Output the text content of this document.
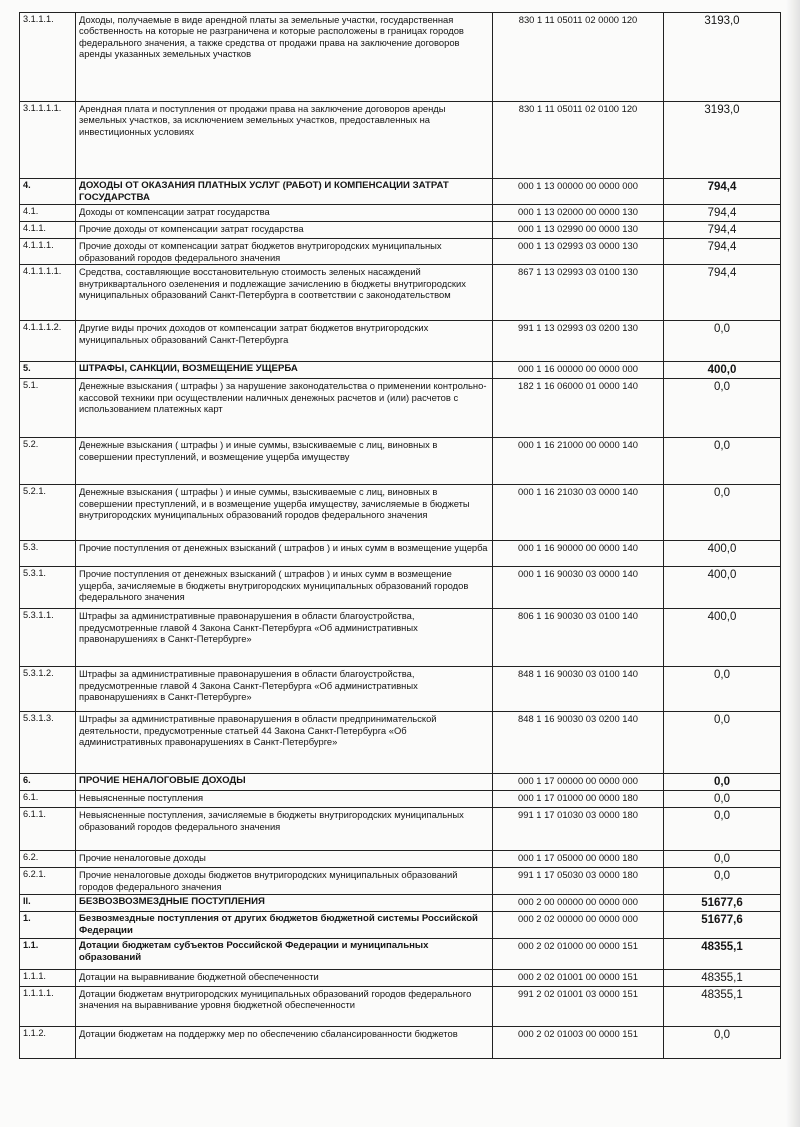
3.1.1.1.	Доходы, получаемые в виде арендной платы за земельные участки, государственная собственность на которые не разграничена и которые расположены в границах городов федерального значения, а также средства от продажи права на заключение договоров аренды указанных земельных участков	830 1 11 05011 02 0000 120	3193,0
3.1.1.1.1.	Арендная плата и поступления от продажи права на заключение договоров аренды земельных участков, за исключением земельных участков, предоставленных на инвестиционных условиях	830 1 11 05011 02 0100 120	3193,0
4.	ДОХОДЫ ОТ ОКАЗАНИЯ ПЛАТНЫХ УСЛУГ (РАБОТ) И КОМПЕНСАЦИИ ЗАТРАТ ГОСУДАРСТВА	000 1 13 00000 00 0000 000	794,4
4.1.	Доходы от компенсации затрат государства	000 1 13 02000 00 0000 130	794,4
4.1.1.	Прочие доходы от компенсации затрат государства	000 1 13 02990 00 0000 130	794,4
4.1.1.1.	Прочие доходы от компенсации затрат бюджетов внутригородских муниципальных образований городов федерального значения	000 1 13 02993 03 0000 130	794,4
4.1.1.1.1.	Средства, составляющие восстановительную стоимость зеленых насаждений внутриквартального озеленения и подлежащие зачислению в бюджеты внутригородских муниципальных образований Санкт-Петербурга в соответствии с законодательством	867 1 13 02993 03 0100 130	794,4
4.1.1.1.2.	Другие виды прочих доходов от компенсации затрат бюджетов внутригородских муниципальных образований Санкт-Петербурга	991 1 13 02993 03 0200 130	0,0
5.	ШТРАФЫ, САНКЦИИ, ВОЗМЕЩЕНИЕ УЩЕРБА	000 1 16 00000 00 0000 000	400,0
5.1.	Денежные взыскания ( штрафы ) за нарушение законодательства о применении контрольно-кассовой техники при осуществлении наличных денежных расчетов и (или) расчетов с использованием платежных карт	182 1 16 06000 01 0000 140	0,0
5.2.	Денежные взыскания ( штрафы ) и иные суммы, взыскиваемые с лиц, виновных в совершении преступлений, и возмещение ущерба имуществу	000 1 16 21000 00 0000 140	0,0
5.2.1.	Денежные взыскания ( штрафы ) и иные суммы, взыскиваемые с лиц, виновных в совершении преступлений, и в возмещение ущерба имуществу, зачисляемые в бюджеты внутригородских муниципальных образований городов федерального значения	000 1 16 21030 03 0000 140	0,0
5.3.	Прочие поступления от денежных взысканий ( штрафов ) и иных сумм в возмещение ущерба	000 1 16 90000 00 0000 140	400,0
5.3.1.	Прочие поступления от денежных взысканий ( штрафов ) и иных сумм в возмещение ущерба, зачисляемые в бюджеты внутригородских муниципальных образований городов федерального значения	000 1 16 90030 03 0000 140	400,0
5.3.1.1.	Штрафы за административные правонарушения в области благоустройства, предусмотренные главой 4 Закона Санкт-Петербурга «Об административных правонарушениях в Санкт-Петербурге»	806 1 16 90030 03 0100 140	400,0
5.3.1.2.	Штрафы за административные правонарушения в области благоустройства, предусмотренные главой 4 Закона Санкт-Петербурга «Об административных правонарушениях в Санкт-Петербурге»	848 1 16 90030 03 0100 140	0,0
5.3.1.3.	Штрафы за административные правонарушения в области предпринимательской деятельности, предусмотренные статьей 44 Закона Санкт-Петербурга «Об административных правонарушениях в Санкт-Петербурге»	848 1 16 90030 03 0200 140	0,0
6.	ПРОЧИЕ НЕНАЛОГОВЫЕ ДОХОДЫ	000 1 17 00000 00 0000 000	0,0
6.1.	Невыясненные поступления	000 1 17 01000 00 0000 180	0,0
6.1.1.	Невыясненные поступления, зачисляемые в бюджеты внутригородских муниципальных образований городов федерального значения	991 1 17 01030 03 0000 180	0,0
6.2.	Прочие неналоговые доходы	000 1 17 05000 00 0000 180	0,0
6.2.1.	Прочие неналоговые доходы бюджетов внутригородских муниципальных образований городов федерального значения	991 1 17 05030 03 0000 180	0,0
II.	БЕЗВОЗВОЗМЕЗДНЫЕ ПОСТУПЛЕНИЯ	000 2 00 00000 00 0000 000	51677,6
1.	Безвозмездные поступления от других бюджетов бюджетной системы Российской Федерации	000 2 02 00000 00 0000 000	51677,6
1.1.	Дотации бюджетам субъектов Российской Федерации и муниципальных образований	000 2 02 01000 00 0000 151	48355,1
1.1.1.	Дотации на выравнивание бюджетной обеспеченности	000 2 02 01001 00 0000 151	48355,1
1.1.1.1.	Дотации бюджетам внутригородских муниципальных образований городов федерального значения на выравнивание уровня бюджетной обеспеченности	991 2 02 01001 03 0000 151	48355,1
1.1.2.	Дотации бюджетам на поддержку мер по обеспечению сбалансированности бюджетов	000 2 02 01003 00 0000 151	0,0
